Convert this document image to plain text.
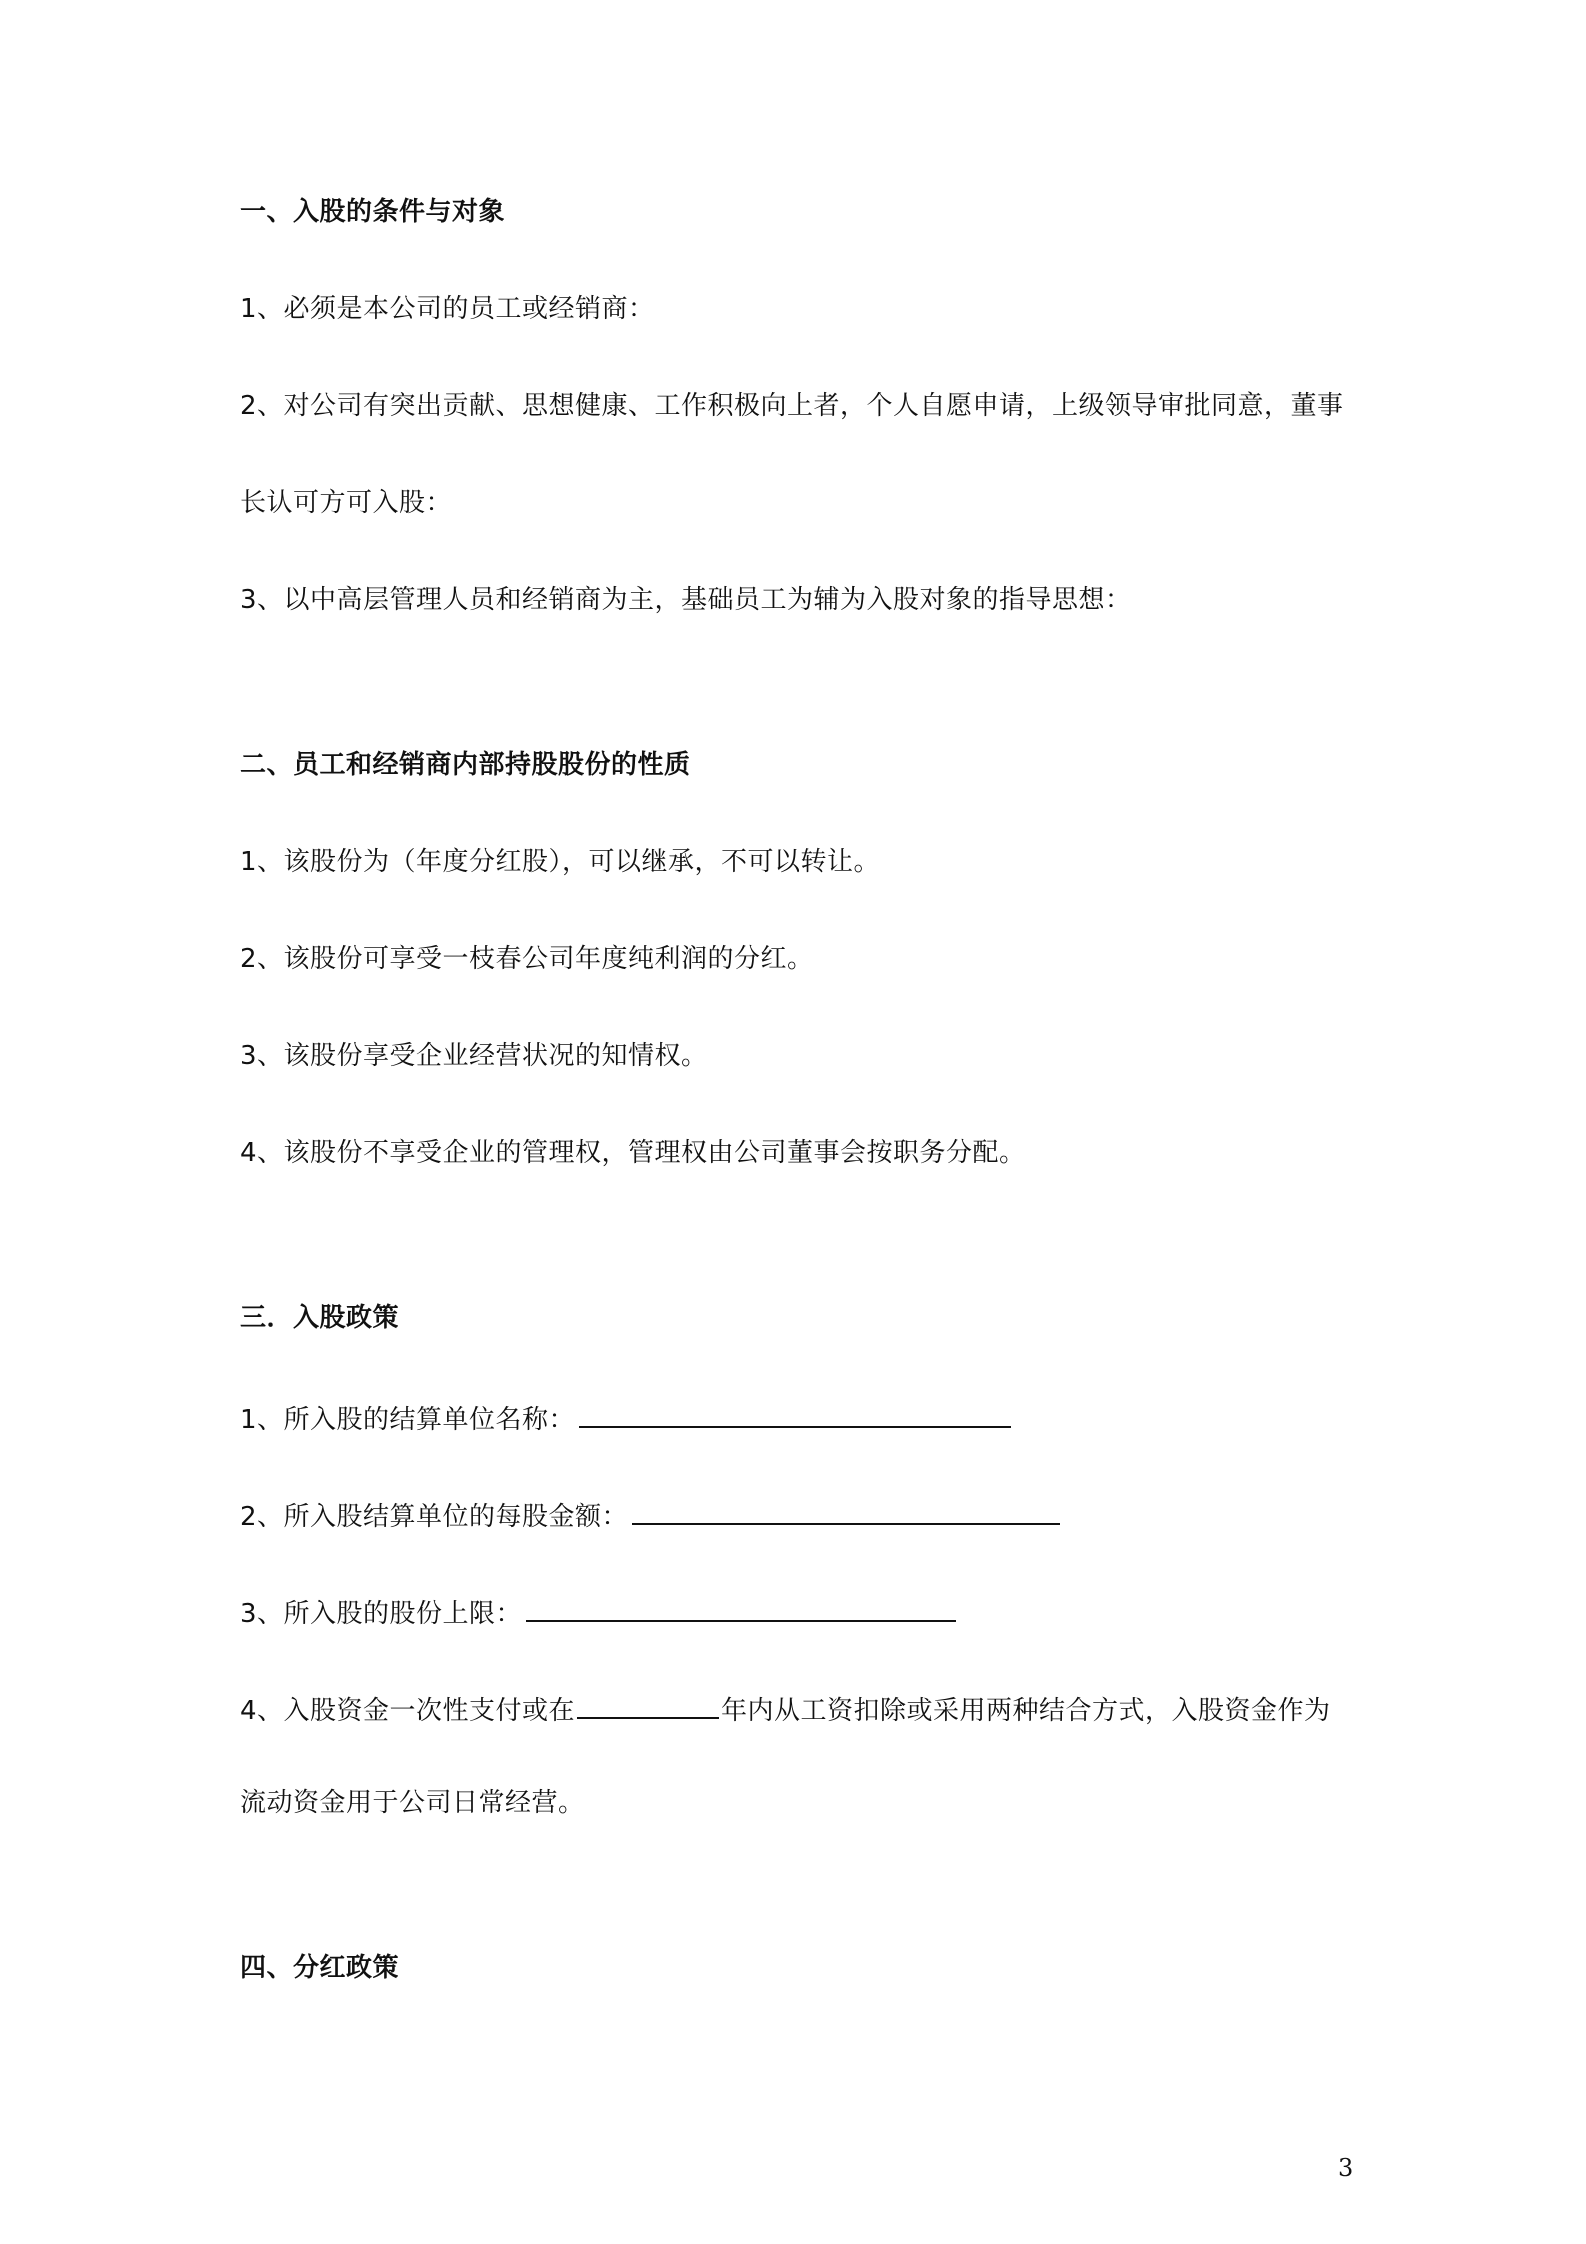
一、入股的条件与对象
1、必须是本公司的员工或经销商：
2、对公司有突出贡献、思想健康、工作积极向上者，个人自愿申请，上级领导审批同意，董事
长认可方可入股：
3、以中高层管理人员和经销商为主，基础员工为辅为入股对象的指导思想：
二、员工和经销商内部持股股份的性质
1、该股份为（年度分红股），可以继承，不可以转让。
2、该股份可享受一枝春公司年度纯利润的分红。
3、该股份享受企业经营状况的知情权。
4、该股份不享受企业的管理权，管理权由公司董事会按职务分配。
三．入股政策
1、所入股的结算单位名称：
2、所入股结算单位的每股金额：
3、所入股的股份上限：
4、入股资金一次性支付或在	年内从工资扣除或采用两种结合方式，入股资金作为
流动资金用于公司日常经营。
四、分红政策
3
